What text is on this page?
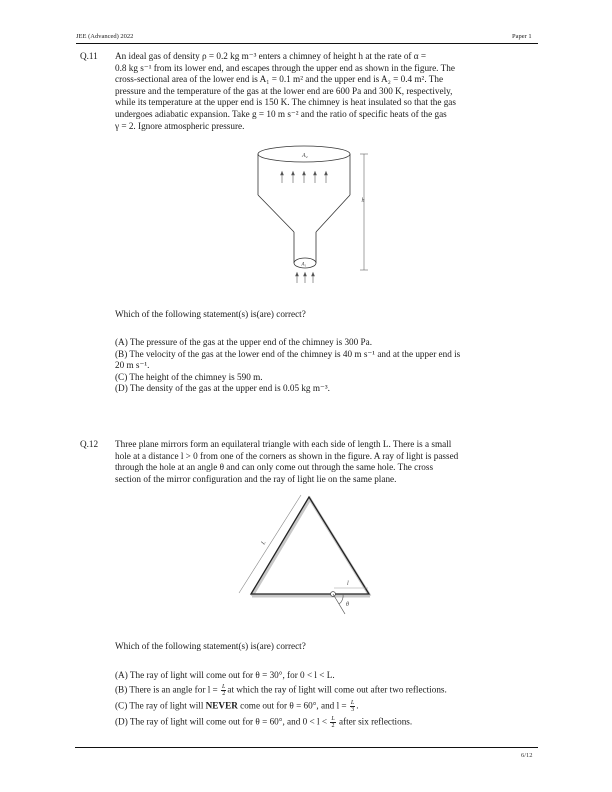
JEE (Advanced) 2022	Paper 1
Q.11 An ideal gas of density ρ = 0.2 kg m⁻³ enters a chimney of height h at the rate of α =
0.8 kg s⁻¹ from its lower end, and escapes through the upper end as shown in the figure. The
cross-sectional area of the lower end is A₁ = 0.1 m² and the upper end is A₂ = 0.4 m². The
pressure and the temperature of the gas at the lower end are 600 Pa and 300 K, respectively,
while its temperature at the upper end is 150 K. The chimney is heat insulated so that the gas
undergoes adiabatic expansion. Take g = 10 m s⁻² and the ratio of specific heats of the gas
γ = 2. Ignore atmospheric pressure.
A₂
A₁
h
Which of the following statement(s) is(are) correct?
(A) The pressure of the gas at the upper end of the chimney is 300 Pa.
(B) The velocity of the gas at the lower end of the chimney is 40 m s⁻¹ and at the upper end is
20 m s⁻¹.
(C) The height of the chimney is 590 m.
(D) The density of the gas at the upper end is 0.05 kg m⁻³.
Q.12 Three plane mirrors form an equilateral triangle with each side of length L. There is a small
hole at a distance l > 0 from one of the corners as shown in the figure. A ray of light is passed
through the hole at an angle θ and can only come out through the same hole. The cross
section of the mirror configuration and the ray of light lie on the same plane.
L
l
θ
Which of the following statement(s) is(are) correct?
(A) The ray of light will come out for θ = 30°, for 0 < l < L.
(B) There is an angle for $l = \frac{L}{2}$ at which the ray of light will come out after two reflections.
(C) The ray of light will NEVER come out for θ = 60°, and $l = \frac{L}{3}$ .
(D) The ray of light will come out for θ = 60°, and $0 < l < \frac{L}{2}$ after six reflections.
6/12
